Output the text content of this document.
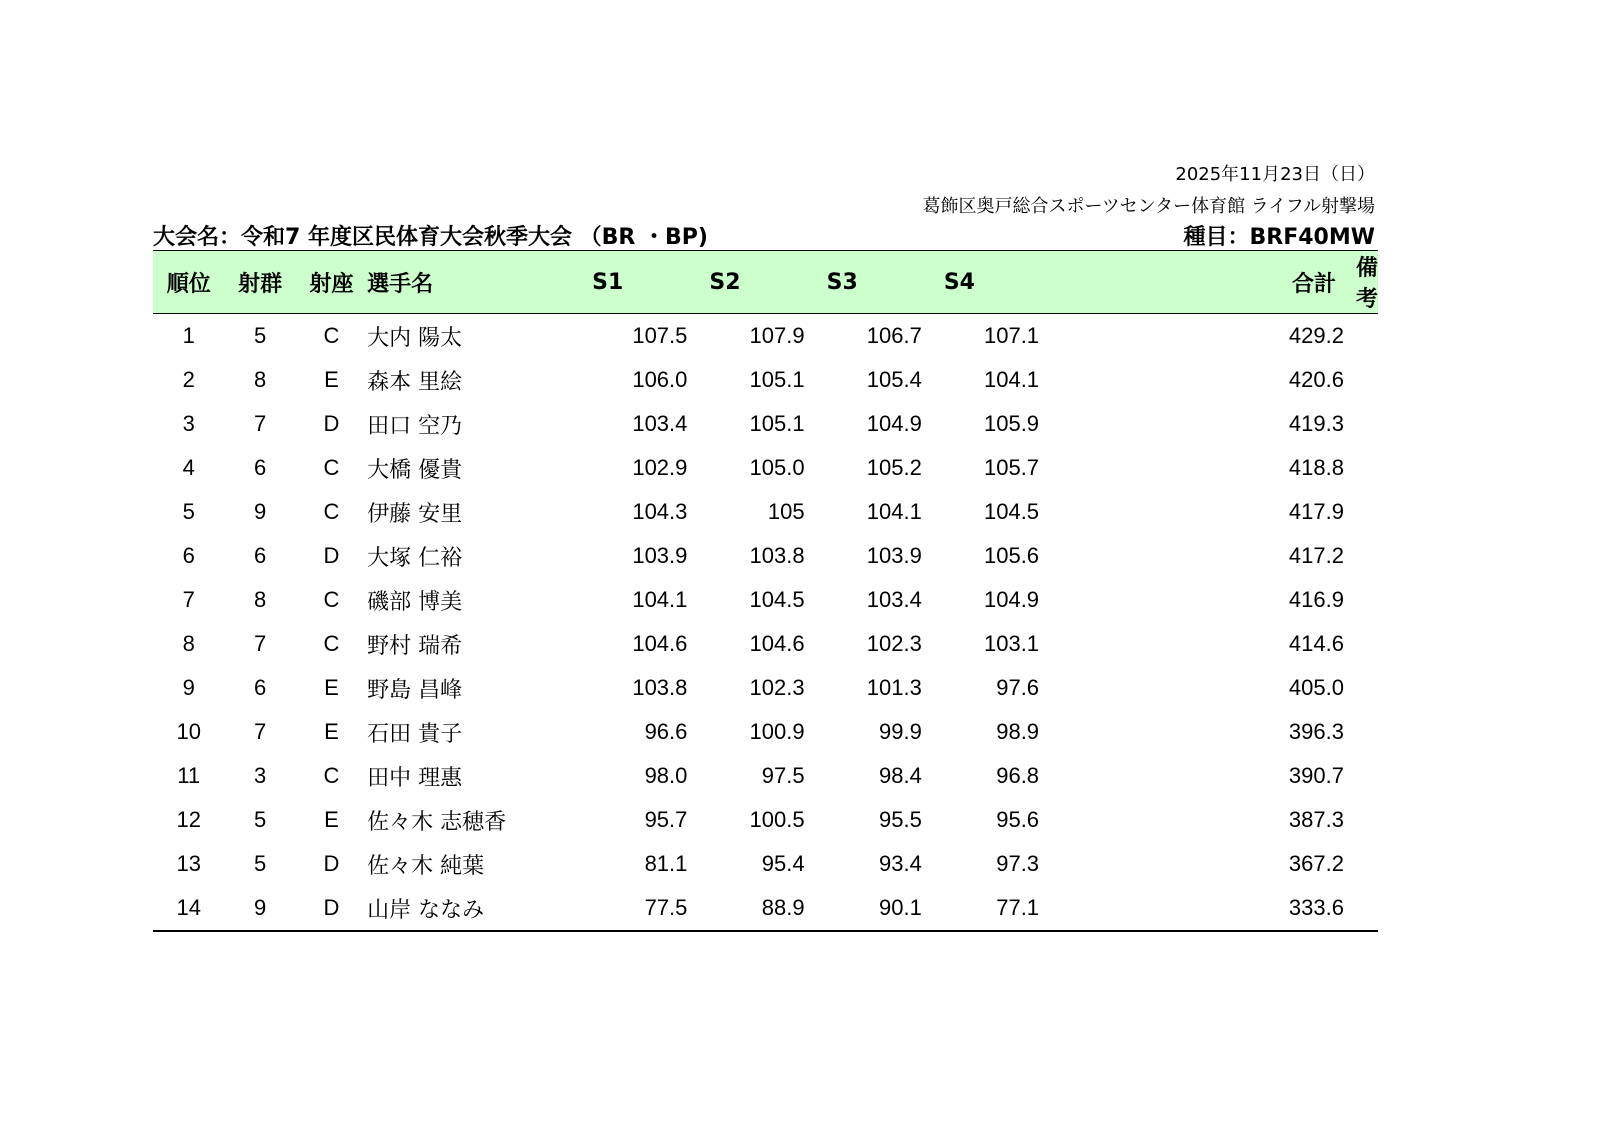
2025年11月23日（日）
葛飾区奥戸総合スポーツセンター体育館 ライフル射撃場
大会名：令和7 年度区民体育大会秋季大会 （BR ・BP)	種目：BRF40MW
順位	射群	射座	選手名	S1	S2	S3	S4		合計	備考
1	5	C	大内 陽太	107.5	107.9	106.7	107.1		429.2	
2	8	E	森本 里絵	106.0	105.1	105.4	104.1		420.6	
3	7	D	田口 空乃	103.4	105.1	104.9	105.9		419.3	
4	6	C	大橋 優貴	102.9	105.0	105.2	105.7		418.8	
5	9	C	伊藤 安里	104.3	105	104.1	104.5		417.9	
6	6	D	大塚 仁裕	103.9	103.8	103.9	105.6		417.2	
7	8	C	磯部 博美	104.1	104.5	103.4	104.9		416.9	
8	7	C	野村 瑞希	104.6	104.6	102.3	103.1		414.6	
9	6	E	野島 昌峰	103.8	102.3	101.3	97.6		405.0	
10	7	E	石田 貴子	96.6	100.9	99.9	98.9		396.3	
11	3	C	田中 理惠	98.0	97.5	98.4	96.8		390.7	
12	5	E	佐々木 志穂香	95.7	100.5	95.5	95.6		387.3	
13	5	D	佐々木 純葉	81.1	95.4	93.4	97.3		367.2	
14	9	D	山岸 ななみ	77.5	88.9	90.1	77.1		333.6	
